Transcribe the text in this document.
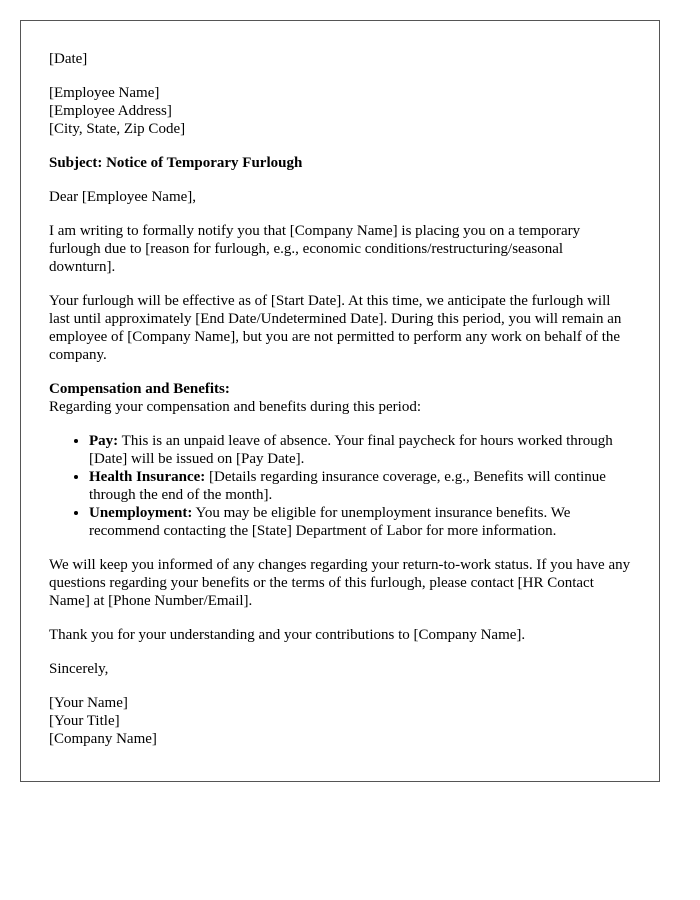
[Date]

[Employee Name]
[Employee Address]
[City, State, Zip Code]

Subject: Notice of Temporary Furlough

Dear [Employee Name],

I am writing to formally notify you that [Company Name] is placing you on a temporary furlough due to [reason for furlough, e.g., economic conditions/restructuring/seasonal downturn].

Your furlough will be effective as of [Start Date]. At this time, we anticipate the furlough will last until approximately [End Date/Undetermined Date]. During this period, you will remain an employee of [Company Name], but you are not permitted to perform any work on behalf of the company.

Compensation and Benefits:
Regarding your compensation and benefits during this period:
• Pay: This is an unpaid leave of absence. Your final paycheck for hours worked through [Date] will be issued on [Pay Date].
• Health Insurance: [Details regarding insurance coverage, e.g., Benefits will continue through the end of the month].
• Unemployment: You may be eligible for unemployment insurance benefits. We recommend contacting the [State] Department of Labor for more information.

We will keep you informed of any changes regarding your return-to-work status. If you have any questions regarding your benefits or the terms of this furlough, please contact [HR Contact Name] at [Phone Number/Email].

Thank you for your understanding and your contributions to [Company Name].

Sincerely,

[Your Name]
[Your Title]
[Company Name]
